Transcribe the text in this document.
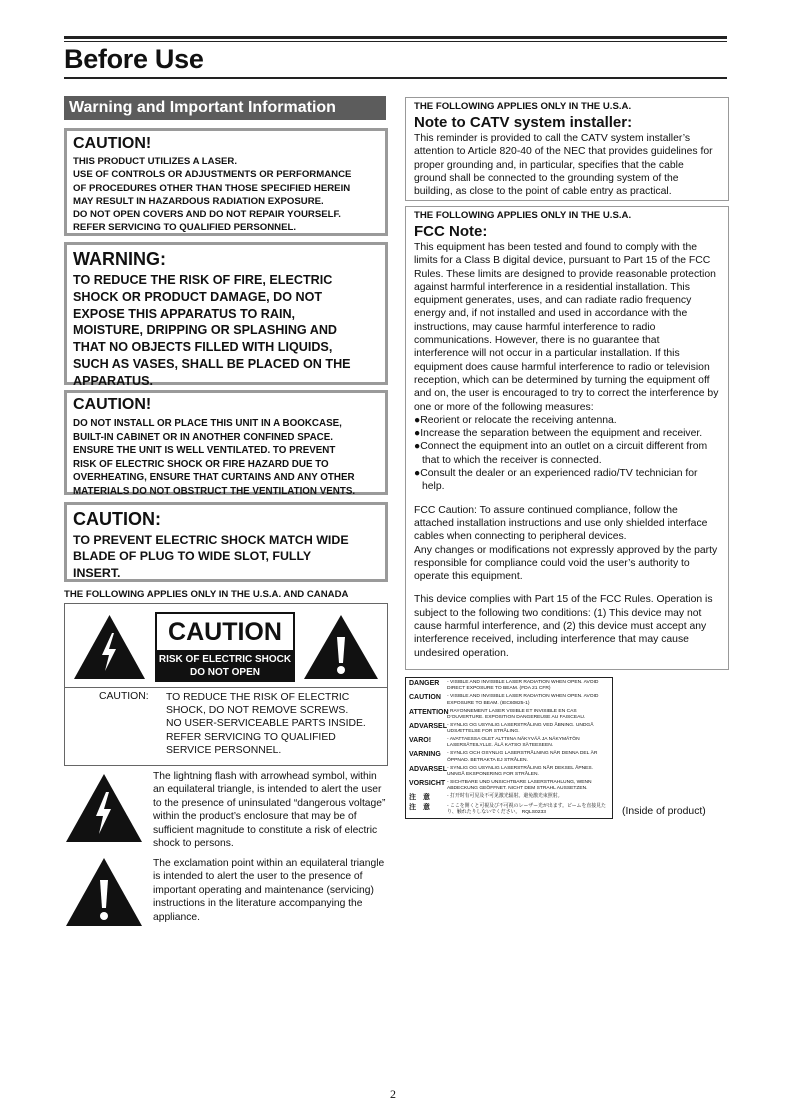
Before Use
Warning and Important Information
CAUTION!
THIS PRODUCT UTILIZES A LASER.
USE OF CONTROLS OR ADJUSTMENTS OR PERFORMANCE
OF PROCEDURES OTHER THAN THOSE SPECIFIED HEREIN
MAY RESULT IN HAZARDOUS RADIATION EXPOSURE.
DO NOT OPEN COVERS AND DO NOT REPAIR YOURSELF.
REFER SERVICING TO QUALIFIED PERSONNEL.
WARNING:
TO REDUCE THE RISK OF FIRE, ELECTRIC
SHOCK OR PRODUCT DAMAGE, DO NOT
EXPOSE THIS APPARATUS TO RAIN,
MOISTURE, DRIPPING OR SPLASHING AND
THAT NO OBJECTS FILLED WITH LIQUIDS,
SUCH AS VASES, SHALL BE PLACED ON THE
APPARATUS.
CAUTION!
DO NOT INSTALL OR PLACE THIS UNIT IN A BOOKCASE,
BUILT-IN CABINET OR IN ANOTHER CONFINED SPACE.
ENSURE THE UNIT IS WELL VENTILATED. TO PREVENT
RISK OF ELECTRIC SHOCK OR FIRE HAZARD DUE TO
OVERHEATING, ENSURE THAT CURTAINS AND ANY OTHER
MATERIALS DO NOT OBSTRUCT THE VENTILATION VENTS.
CAUTION:
TO PREVENT ELECTRIC SHOCK MATCH WIDE
BLADE OF PLUG TO WIDE SLOT, FULLY
INSERT.
THE FOLLOWING APPLIES ONLY IN THE U.S.A. AND CANADA
CAUTION
RISK OF ELECTRIC SHOCK
DO NOT OPEN
CAUTION: TO REDUCE THE RISK OF ELECTRIC
SHOCK, DO NOT REMOVE SCREWS.
NO USER-SERVICEABLE PARTS INSIDE.
REFER SERVICING TO QUALIFIED
SERVICE PERSONNEL.
The lightning flash with arrowhead symbol, within an equilateral triangle, is intended to alert the user to the presence of uninsulated “dangerous voltage” within the product’s enclosure that may be of sufficient magnitude to constitute a risk of electric shock to persons.
The exclamation point within an equilateral triangle is intended to alert the user to the presence of important operating and maintenance (servicing) instructions in the literature accompanying the appliance.
THE FOLLOWING APPLIES ONLY IN THE U.S.A.
Note to CATV system installer:
This reminder is provided to call the CATV system installer’s
attention to Article 820-40 of the NEC that provides guidelines for
proper grounding and, in particular, specifies that the cable
ground shall be connected to the grounding system of the
building, as close to the point of cable entry as practical.
THE FOLLOWING APPLIES ONLY IN THE U.S.A.
FCC Note:
This equipment has been tested and found to comply with the
limits for a Class B digital device, pursuant to Part 15 of the FCC
Rules. These limits are designed to provide reasonable protection
against harmful interference in a residential installation. This
equipment generates, uses, and can radiate radio frequency
energy and, if not installed and used in accordance with the
instructions, may cause harmful interference to radio
communications. However, there is no guarantee that
interference will not occur in a particular installation. If this
equipment does cause harmful interference to radio or television
reception, which can be determined by turning the equipment off
and on, the user is encouraged to try to correct the interference by
one or more of the following measures:
●Reorient or relocate the receiving antenna.
●Increase the separation between the equipment and receiver.
●Connect the equipment into an outlet on a circuit different from that to which the receiver is connected.
●Consult the dealer or an experienced radio/TV technician for help.
FCC Caution: To assure continued compliance, follow the
attached installation instructions and use only shielded interface
cables when connecting to peripheral devices.
Any changes or modifications not expressly approved by the party
responsible for compliance could void the user’s authority to
operate this equipment.
This device complies with Part 15 of the FCC Rules. Operation is
subject to the following two conditions: (1) This device may not
cause harmful interference, and (2) this device must accept any
interference received, including interference that may cause
undesired operation.
DANGER	- VISIBLE AND INVISIBLE LASER RADIATION WHEN OPEN. AVOID DIRECT EXPOSURE TO BEAM. (FDA 21 CFR)
CAUTION	- VISIBLE AND INVISIBLE LASER RADIATION WHEN OPEN. AVOID EXPOSURE TO BEAM. (IEC60825-1)
ATTENTION
- RAYONNEMENT LASER VISIBLE ET INVISIBLE EN CAS D’OUVERTURE. EXPOSITION DANGEREUSE AU FAISCEAU.
ADVARSEL - SYNLIG OG USYNLIG LASERSTRÅLING VED ÅBNING. UNDGÅ UDSÆTTELSE FOR STRÅLING.
VARO!	- AVATTAESSA OLET ALTTIINA NÄKYVÄÄ JA NÄKYMÄTÖN LASERSÄTEILYLLE. ÄLÄ KATSO SÄTEESEEN.
VARNING	- SYNLIG OCH OSYNLIG LASERSTRÅLNING NÄR DENNA DEL ÄR ÖPPNAD. BETRAKTA EJ STRÅLEN.
ADVARSEL - SYNLIG OG USYNLIG LASERSTRÅLING NÅR DEKSEL ÅPNES. UNNGÅ EKSPONERING FOR STRÅLEN.
VORSICHT - SICHTBARE UND UNSICHTBARE LASERSTRAHLUNG, WENN ABDECKUNG GEÖFFNET. NICHT DEM STRAHL AUSSETZEN.
注　意	- 打开时有可见及不可见激光辐射。避免激光束照射。
注　意	- ここを開くと可視及び不可視のレーザー光が出ます。ビームを直接見たり、触れたりしないでください。 RQLS0233	(Inside of product)
2
